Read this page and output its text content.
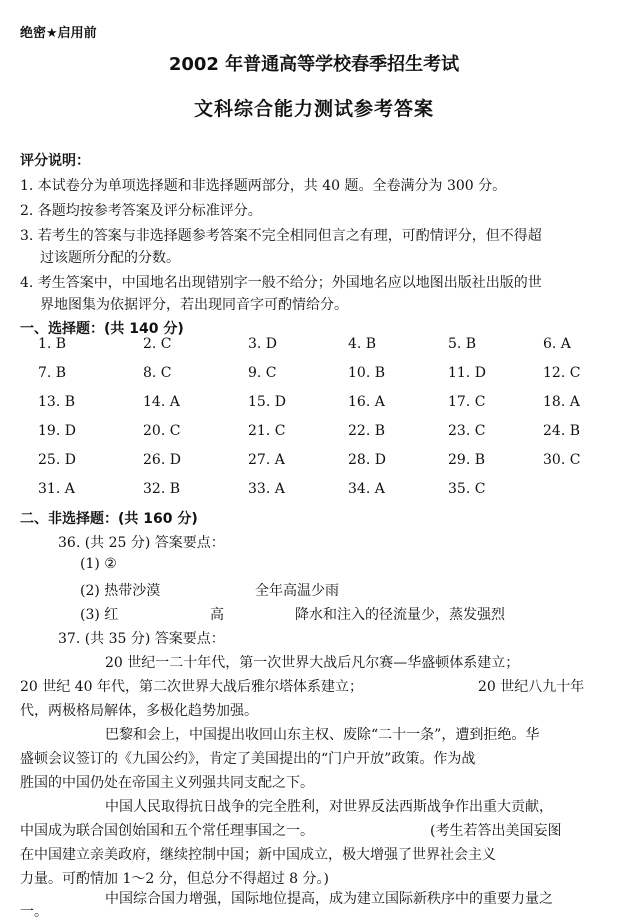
绝密★启用前
2002 年普通高等学校春季招生考试
文科综合能力测试参考答案
评分说明：
1. 本试卷分为单项选择题和非选择题两部分，共 40 题。全卷满分为 300 分。
2. 各题均按参考答案及评分标准评分。
3. 若考生的答案与非选择题参考答案不完全相同但言之有理，可酌情评分，但不得超
过该题所分配的分数。
4. 考生答案中，中国地名出现错别字一般不给分；外国地名应以地图出版社出版的世
界地图集为依据评分，若出现同音字可酌情给分。
一、选择题：(共 140 分)
1. B	2. C	3. D	4. B	5. B	6. A
7. B	8. C	9. C	10. B	11. D	12. C
13. B	14. A	15. D	16. A	17. C	18. A
19. D	20. C	21. C	22. B	23. C	24. B
25. D	26. D	27. A	28. D	29. B	30. C
31. A	32. B	33. A	34. A	35. C
二、非选择题：(共 160 分)
36. (共 25 分) 答案要点：
(1) ②
(2) 热带沙漠	全年高温少雨
(3) 红	高	降水和注入的径流量少，蒸发强烈
37. (共 35 分) 答案要点：
20 世纪一二十年代，第一次世界大战后凡尔赛—华盛顿体系建立；
20 世纪 40 年代，第二次世界大战后雅尔塔体系建立；	20 世纪八九十年
代，两极格局解体，多极化趋势加强。
巴黎和会上，中国提出收回山东主权、废除“二十一条”，遭到拒绝。华
盛顿会议签订的《九国公约》，肯定了美国提出的“门户开放”政策。作为战
胜国的中国仍处在帝国主义列强共同支配之下。
中国人民取得抗日战争的完全胜利，对世界反法西斯战争作出重大贡献，
中国成为联合国创始国和五个常任理事国之一。	(考生若答出美国妄图
在中国建立亲美政府，继续控制中国；新中国成立，极大增强了世界社会主义
力量。可酌情加 1～2 分，但总分不得超过 8 分。)
中国综合国力增强，国际地位提高，成为建立国际新秩序中的重要力量之
一。
